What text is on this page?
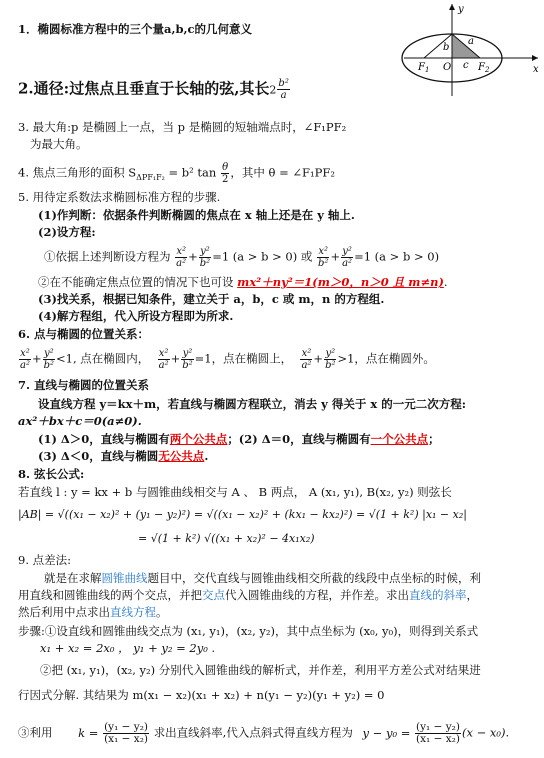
y
x
a
b
c
O
$F_1$	$F_2$
1．椭圆标准方程中的三个量a,b,c的几何意义
2.通径:过焦点且垂直于长轴的弦,其长$2 \frac{\text{b²}}{a}$
3. 最大角:p 是椭圆上一点，当 p 是椭圆的短轴端点时，∠F₁PF₂
为最大角。
4. 焦点三角形的面积 $S_{\Delta PF_1F_2} = b^2$ $\tan \frac{\theta}{2}$ ，其中 θ = ∠F₁PF₂
5. 用待定系数法求椭圆标准方程的步骤.
(1)作判断：依据条件判断椭圆的焦点在 x 轴上还是在 y 轴上.
(2)设方程:
①依据上述判断设方程为 $\frac{\text{x²}}{\text{a²}} + \frac{\text{y²}}{\text{b²}} =1$ (a > b > 0) 或 $\frac{\text{x²}}{\text{b²}} + \frac{\text{y²}}{\text{a²}} =1$ (a > b > 0)
②在不能确定焦点位置的情况下也可设 mx²＋ny²＝1(m＞0，n＞0 且 m≠n).
(3)找关系，根据已知条件，建立关于 a，b，c 或 m，n 的方程组.
(4)解方程组，代入所设方程即为所求.
6. 点与椭圆的位置关系：
$\frac{\text{x²}}{\text{a²}} + \frac{\text{y²}}{\text{b²}} <1$, 点在椭圆内， $\frac{\text{x²}}{\text{a²}} + \frac{\text{y²}}{\text{b²}} =1$，点在椭圆上， $\frac{\text{x²}}{\text{a²}} + \frac{\text{y²}}{\text{b²}} >1$，点在椭圆外。
7. 直线与椭圆的位置关系
设直线方程 y＝kx＋m，若直线与椭圆方程联立，消去 y 得关于 x 的一元二次方程:
ax²＋bx＋c＝0(a≠0).
(1) Δ＞0，直线与椭圆有两个公共点；(2) Δ＝0，直线与椭圆有一个公共点；
(3) Δ＜0，直线与椭圆无公共点.
8. 弦长公式:
若直线 l : y = kx + b 与圆锥曲线相交与 A 、 B 两点， A (x₁, y₁), B(x₂, y₂) 则弦长
|AB| = √((x₁ − x₂)² + (y₁ − y₂)²) = √((x₁ − x₂)² + (kx₁ − kx₂)²) = √(1 + k²) |x₁ − x₂|
= √(1 + k²) √((x₁ + x₂)² − 4x₁x₂)
9. 点差法:
就是在求解圆锥曲线题目中，交代直线与圆锥曲线相交所截的线段中点坐标的时候，利
用直线和圆锥曲线的两个交点，并把交点代入圆锥曲线的方程，并作差。求出直线的斜率，
然后利用中点求出直线方程。
步骤:①设直线和圆锥曲线交点为 (x₁, y₁)，(x₂, y₂)，其中点坐标为 (x₀, y₀)，则得到关系式
x₁ + x₂ = 2x₀ ， y₁ + y₂ = 2y₀ .
②把 (x₁, y₁)，(x₂, y₂) 分别代入圆锥曲线的解析式，并作差，利用平方差公式对结果进
行因式分解. 其结果为 m(x₁ − x₂)(x₁ + x₂) + n(y₁ − y₂)(y₁ + y₂) = 0
③利用 $k = \frac{\text{(y₁ − y₂)}}{\text{(x₁ − x₂)}}$ 求出直线斜率,代入点斜式得直线方程为 $y - y_0 = \frac{\text{(y₁ − y₂)}}{\text{(x₁ − x₂)}} (x - x_0)$.
